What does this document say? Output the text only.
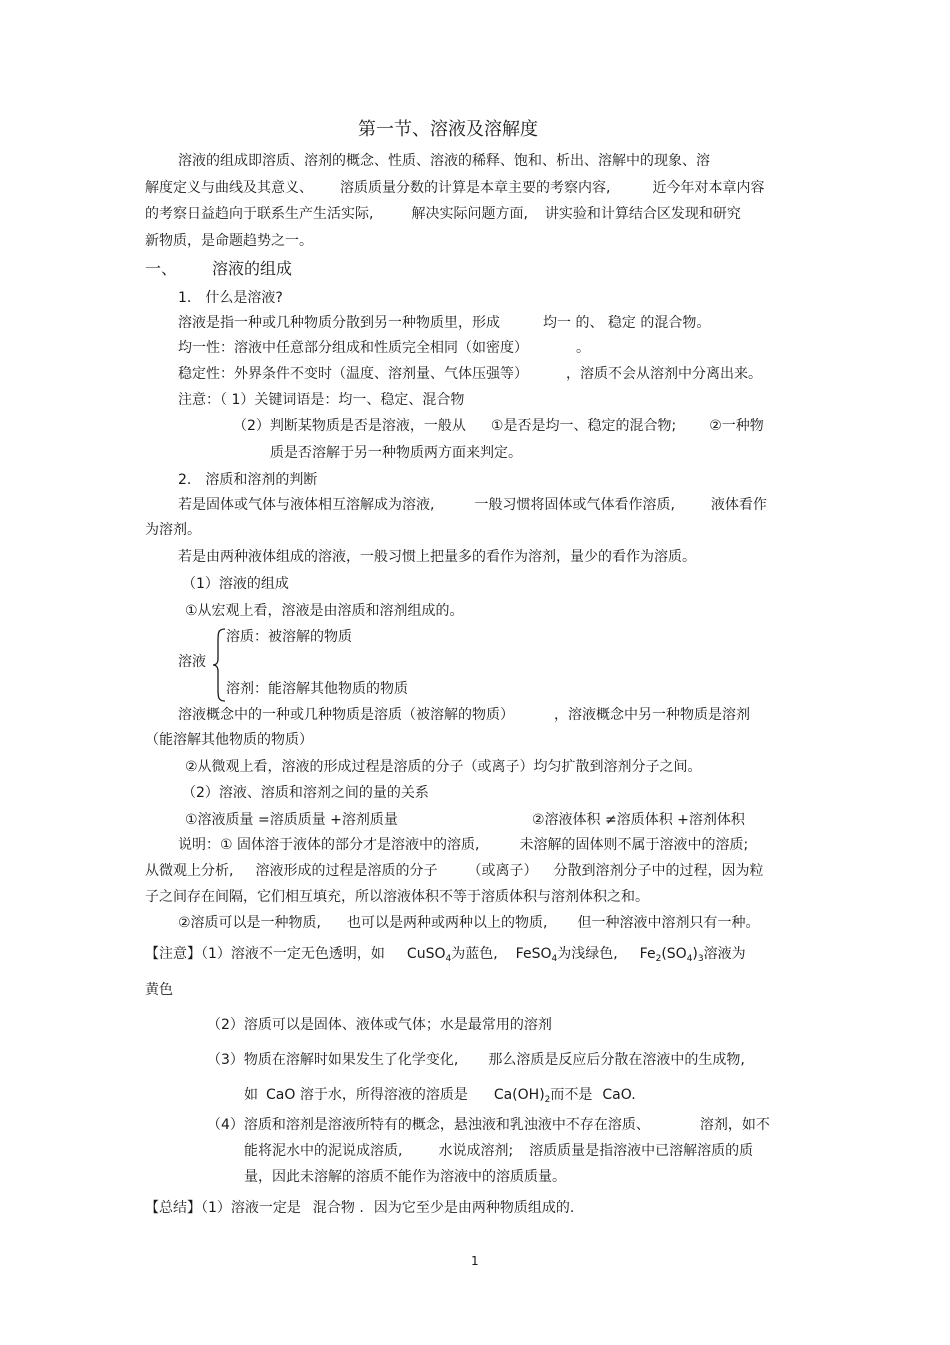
第一节、溶液及溶解度
溶液的组成即溶质、溶剂的概念、性质、溶液的稀释、饱和、析出、溶解中的现象、溶
解度定义与曲线及其意义、 溶质质量分数的计算是本章主要的考察内容,	近今年对本章内容
的考察日益趋向于联系生产生活实际,	解决实际问题方面, 讲实验和计算结合区发现和研究
新物质，是命题趋势之一。
一、 溶液的组成
1.　什么是溶液?
溶液是指一种或几种物质分散到另一种物质里，形成	均一 的、 稳定 的混合物。
均一性：溶液中任意部分组成和性质完全相同（如密度）	。
稳定性：外界条件不变时（温度、溶剂量、气体压强等）	，溶质不会从溶剂中分离出来。
注意：（ 1）关键词语是：均一、稳定、混合物
（2）判断某物质是否是溶液，一般从 ①是否是均一、稳定的混合物; ②一种物
质是否溶解于另一种物质两方面来判定。
2.　溶质和溶剂的判断
若是固体或气体与液体相互溶解成为溶液,	一般习惯将固体或气体看作溶质,	液体看作
为溶剂。
若是由两种液体组成的溶液，一般习惯上把量多的看作为溶剂，量少的看作为溶质。
（1）溶液的组成
①从宏观上看，溶液是由溶质和溶剂组成的。
溶质：被溶解的物质
溶液
溶剂：能溶解其他物质的物质
溶液概念中的一种或几种物质是溶质（被溶解的物质）	，溶液概念中另一种物质是溶剂
（能溶解其他物质的物质）
②从微观上看，溶液的形成过程是溶质的分子（或离子）均匀扩散到溶剂分子之间。
（2）溶液、溶质和溶剂之间的量的关系
①溶液质量 =溶质质量 +溶剂质量	②溶液体积 ≠溶质体积 +溶剂体积
说明：① 固体溶于液体的部分才是溶液中的溶质,	未溶解的固体则不属于溶液中的溶质;
从微观上分析, 溶液形成的过程是溶质的分子 （或离子） 分散到溶剂分子中的过程，因为粒
子之间存在间隔，它们相互填充，所以溶液体积不等于溶质体积与溶剂体积之和。
②溶质可以是一种物质, 也可以是两种或两种以上的物质, 但一种溶液中溶剂只有一种。
【注意】（1）溶液不一定无色透明，如 CuSO$_4$为蓝色, FeSO$_4$为浅绿色, $Fe_2(SO_4)_3$溶液为
黄色
（2）溶质可以是固体、液体或气体；水是最常用的溶剂
（3）物质在溶解时如果发生了化学变化, 那么溶质是反应后分散在溶液中的生成物,
如 CaO 溶于水，所得溶液的溶质是 $Ca(OH)_2$而不是 CaO.
（4）溶质和溶剂是溶液所特有的概念，悬浊液和乳浊液中不存在溶质、	溶剂，如不
能将泥水中的泥说成溶质,	水说成溶剂; 溶质质量是指溶液中已溶解溶质的质
量，因此未溶解的溶质不能作为溶液中的溶质质量。
【总结】（1）溶液一定是 混合物 . 因为它至少是由两种物质组成的.
1
